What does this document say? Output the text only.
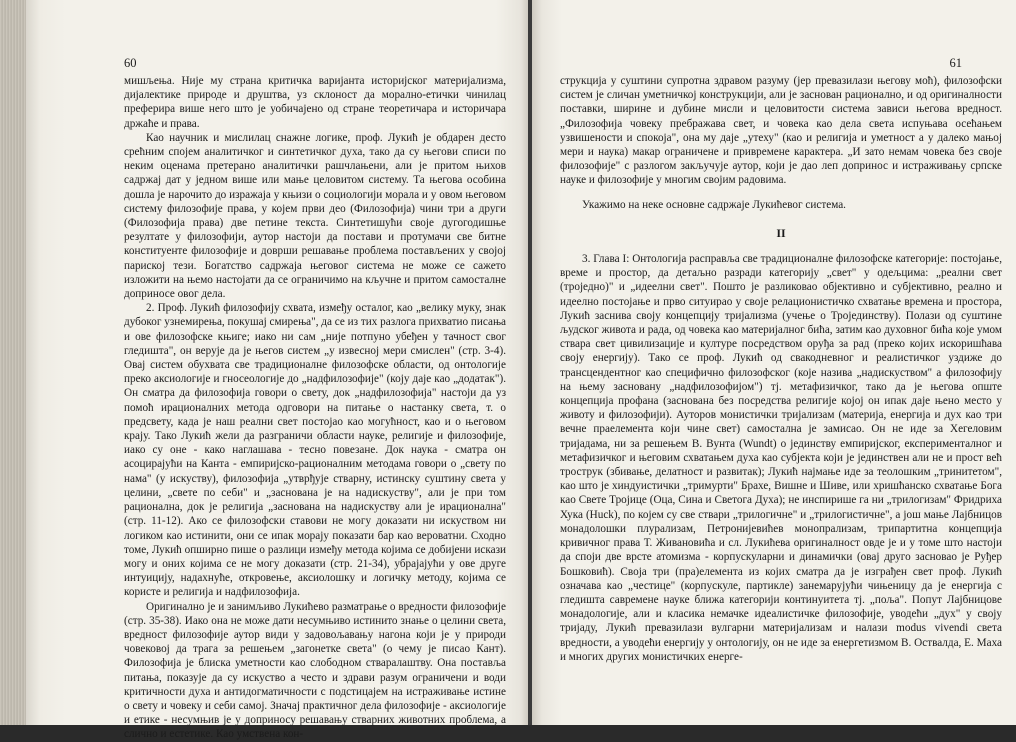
60

мишљења. Није му страна критичка варијанта историјског материјализма, дијалектике природе и друштва, уз склоност да морално-етички чинилац преферира више него што је уобичајено од стране теоретичара и историчара држаће и права.

Као научник и мислилац снажне логике, проф. Лукић је обдарен десто срећним спојем аналитичког и синтетичког духа, тако да су његови списи по неким оценама претерано аналитички рашчлањени, али је притом њихов садржај дат у једном више или мање целовитом систему. Та његова особина дошла је нарочито до изражаја у књизи о социологији морала и у овом његовом систему филозофије права, у којем први део (Филозофија) чини три а други (Филозофија права) две петине текста. Синтетишући своје дугогодишње резултате у филозофији, аутор настоји да постави и протумачи све битне конституенте филозофије и доврши решавање проблема постављених у својој париској тези. Богатство садржаја његовог система не може се сажето изложити на њемо настојати да се ограничимо на кључне и притом самосталне доприносе овог дела.

2. Проф. Лукић филозофију схвата, између осталог, као „велику муку, знак дубоког узнемирења, покушај смирења", да се из тих разлога прихватио писања и ове филозофске књиге; иако ни сам „није потпуно убеђен у тачност свог гледишта", он верује да је његов систем „у извесној мери смислен" (стр. 3-4). Овај систем обухвата све традиционалне филозофске области, од онтологије преко аксиологије и гносеологије до „надфилозофије" (коју даје као „додатак"). Он сматра да филозофија говори о свету, док „надфилозофија" настоји да уз помоћ ирационалних метода одговори на питање о настанку света, т. о предсвету, када је наш реални свет постојао као могућност, као и о његовом крају. Тако Лукић жели да разграничи области науке, религије и филозофије, иако су оне - како наглашава - тесно повезане. Док наука - сматра он асоцирајући на Канта - емпиријско-рационалним методама говори о „свету по нама" (у искуству), филозофија „утврђује стварну, истинску суштину света у целини, „свете по себи" и „заснована је на надискуству", али је при том рационална, док је религија „заснована на надискуству али је ирационална" (стр. 11-12). Ако се филозофски ставови не могу доказати ни искуством ни логиком као истинити, они се ипак морају показати бар као вероватни. Сходно томе, Лукић опширно пише о разлици између метода којима се добијени искази могу и оних којима се не могу доказати (стр. 21-34), убрајајући у ове друге интуицију, надахнуће, откровење, аксиолошку и логичку методу, којима се користе и религија и надфилозофија.

Оригинално је и занимљиво Лукићево разматрање о вредности филозофије (стр. 35-38). Иако она не може дати несумњиво истинито знање о целини света, вредност филозофије аутор види у задовољавању нагона који је у природи човековој да трага за решењем „загонетке света" (о чему је писао Кант). Филозофија је блиска уметности као слободном стваралаштву. Она поставља питања, показује да су искуство а често и здрави разум ограничени и води критичности духа и антидогматичности с подстицајем на истраживање истине о свету и човеку и себи самој. Значај практичног дела филозофије - аксиологије и етике - несумњив је у доприносу решавању стварних животних проблема, а слично и естетике. Као умствена кон-

61

струкција у суштини супротна здравом разуму (јер превазилази његову моћ), филозофски систем је сличан уметничкој конструкцији, али је заснован рационално, и од оригиналности поставки, ширине и дубине мисли и целовитости система зависи његова вредност. „Филозофија човеку пребражава свет, и човека као дела света испуњава осећањем узвишености и спокоја", она му даје „утеху" (као и религија и уметност а у далеко мањој мери и наука) макар ограничене и привремене карактера. „И зато немам човека без своје филозофије" с разлогом закључује аутор, који је дао леп допринос и истраживању српске науке и филозофије у многим својим радовима.

Укажимо на неке основне садржаје Лукићевог система.

II

3. Глава I: Онтологија расправља све традиционалне филозофске категорије: постојање, време и простор, да детаљно разради категорију „свет" у одељцима: „реални свет (троједно)" и „идеелни свет". Пошто је разликовао објективно и субјективно, реално и идеелно постојање и прво ситуирао у своје релационистичко схватање времена и простора, Лукић заснива своју концепцију тријализма (учење о Тројединству). Полази од суштине људског живота и рада, од човека као материјалног бића, затим као духовног бића које умом ствара свет цивилизације и културе посредством оруђа за рад (преко којих искоришћава своју енергију). Тако се проф. Лукић од свакодневног и реалистичког уздиже до трансцендентног као специфично филозофског (које назива „надискуством" а филозофију на њему засновану „надфилозофијом") тј. метафизичког, тако да је његова опште концепција профана (заснована без посредства религије којој он ипак даје њено место у животу и филозофији). Ауторов монистички тријализам (материја, енергија и дух као три вечне праелемента који чине свет) самостална је замисао. Он не иде за Хегеловим тријадама, ни за решењем В. Вунта (Wundt) о јединству емпиријског, експерименталног и метафизичког и његовим схватањем духа као субјекта који је јединствен али не и прост већ трострук (збивање, делатност и развитак); Лукић најмање иде за теолошким „тринитетом", као што је хиндуистички „тримурти" Брахе, Вишне и Шиве, или хришћанско схватање Бога као Свете Тројице (Оца, Сина и Светога Духа); не инспирише га ни „трилогизам" Фридриха Хука (Huck), по којем су све ствари „трилогичне" и „трилогистичне", а још мање Лајбницов монадолошки плурализам, Петронијевићев монопрализам, трипартитна концепција кривичног права Т. Живановића и сл. Лукићева оригиналност овде је и у томе што настоји да споји две врсте атомизма - корпускуларни и динамички (овај друго засновао је Руђер Бошковић). Своја три (пра)елемента из којих сматра да је изграђен свет проф. Лукић означава као „честице" (корпускуле, партикле) занемарујући чињеницу да је енергија с гледишта савремене науке ближа категорији континуитета тј. „поља". Попут Лајбницове монадологије, али и класика немачке идеалистичке филозофије, уводећи „дух" у своју тријаду, Лукић превазилази вулгарни материјализам и налази modus vivendi света вредности, а уводећи енергију у онтологију, он не иде за енергетизмом В. Оствалда, Е. Маха и многих других монистичких енерге-
